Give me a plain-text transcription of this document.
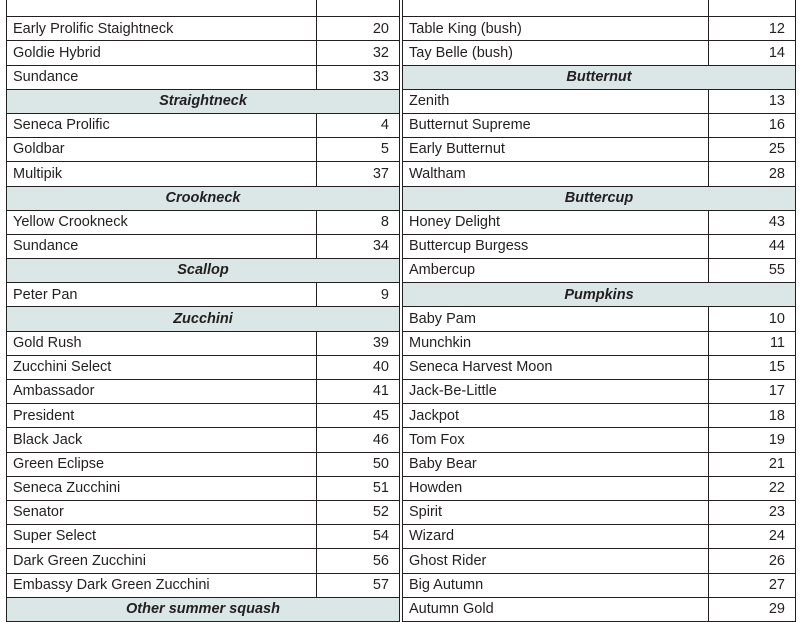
Early Prolific Staightneck	20
Goldie Hybrid	32
Sundance	33
Straightneck	
Seneca Prolific	4
Goldbar	5
Multipik	37
Crookneck	
Yellow Crookneck	8
Sundance	34
Scallop	
Peter Pan	9
Zucchini	
Gold Rush	39
Zucchini Select	40
Ambassador	41
President	45
Black Jack	46
Green Eclipse	50
Seneca Zucchini	51
Senator	52
Super Select	54
Dark Green Zucchini	56
Embassy Dark Green Zucchini	57
Other summer squash	

Table King (bush)	12
Tay Belle (bush)	14
Butternut	
Zenith	13
Butternut Supreme	16
Early Butternut	25
Waltham	28
Buttercup	
Honey Delight	43
Buttercup Burgess	44
Ambercup	55
Pumpkins	
Baby Pam	10
Munchkin	11
Seneca Harvest Moon	15
Jack-Be-Little	17
Jackpot	18
Tom Fox	19
Baby Bear	21
Howden	22
Spirit	23
Wizard	24
Ghost Rider	26
Big Autumn	27
Autumn Gold	29
